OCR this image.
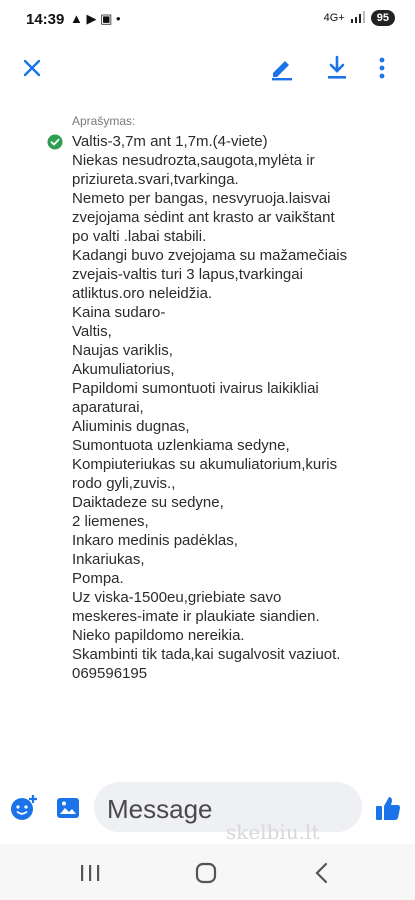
14:39 ▲ ▶ ▣ •	4G+	95
Aprašymas:
Valtis-3,7m ant 1,7m.(4-viete)
Niekas nesudrozta,saugota,mylėta ir
priziureta.svari,tvarkinga.
Nemeto per bangas, nesvyruoja.laisvai
zvejojama sėdint ant krasto ar vaikštant
po valti .labai stabili.
Kadangi buvo zvejojama su mažamečiais
zvejais-valtis turi 3 lapus,tvarkingai
atliktus.oro neleidžia.
Kaina sudaro-
Valtis,
Naujas variklis,
Akumuliatorius,
Papildomi sumontuoti ivairus laikikliai
aparaturai,
Aliuminis dugnas,
Sumontuota uzlenkiama sedyne,
Kompiuteriukas su akumuliatorium,kuris
rodo gyli,zuvis.,
Daiktadeze su sedyne,
2 liemenes,
Inkaro medinis padėklas,
Inkariukas,
Pompa.
Uz viska-1500eu,griebiate savo
meskeres-imate ir plaukiate siandien.
Nieko papildomo nereikia.
Skambinti tik tada,kai sugalvosit vaziuot.
069596195
Message
skelbiu.lt
